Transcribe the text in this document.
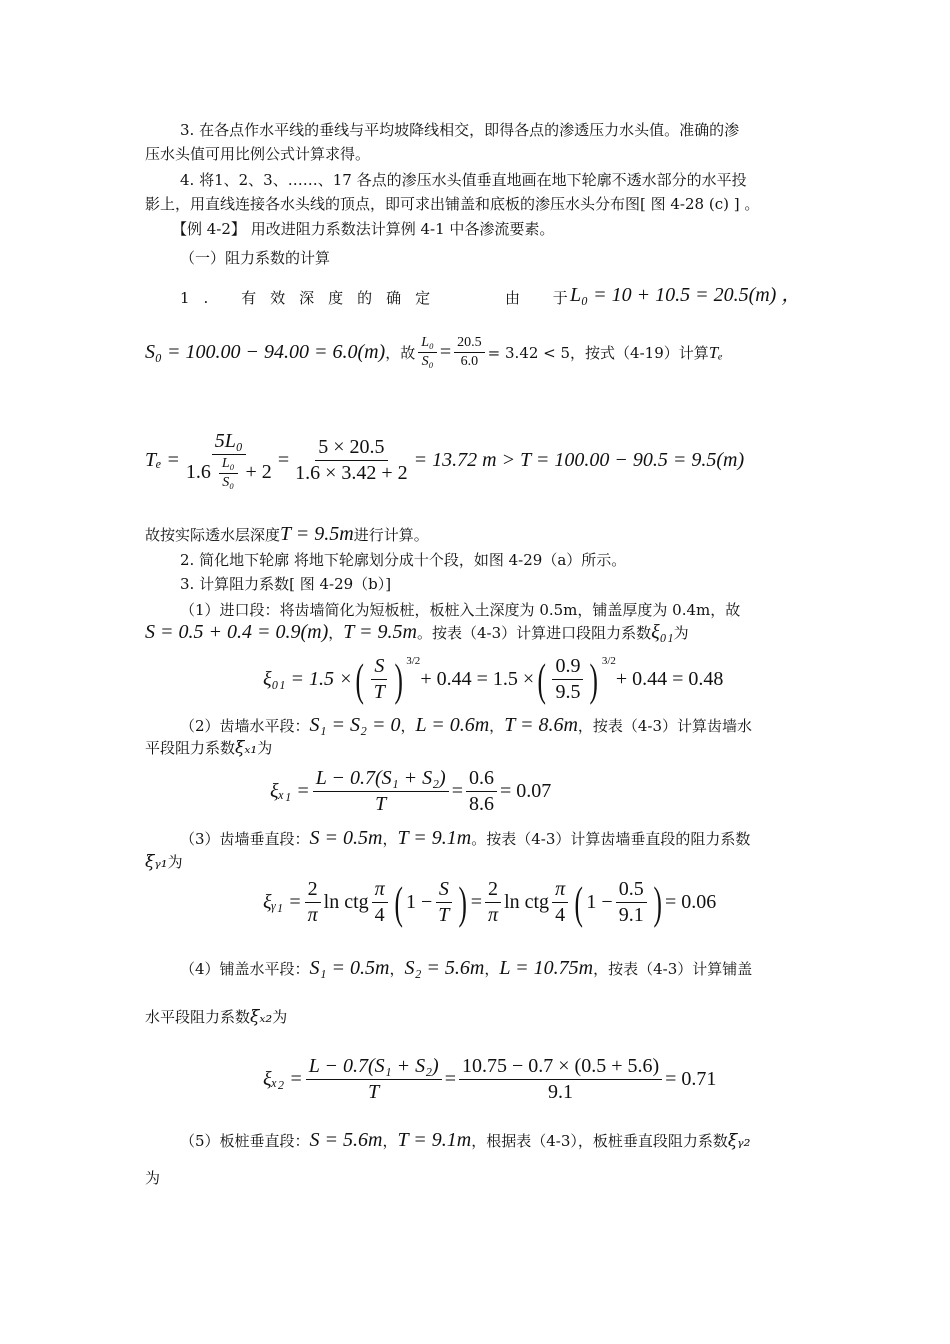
3. 在各点作水平线的垂线与平均坡降线相交，即得各点的渗透压力水头值。准确的渗
压水头值可用比例公式计算求得。
4. 将1、2、3、……、17 各点的渗压水头值垂直地画在地下轮廓不透水部分的水平投
影上，用直线连接各水头线的顶点，即可求出铺盖和底板的渗压水头分布图[ 图 4-28 (c) ] 。
【例 4-2】 用改进阻力系数法计算例 4-1 中各渗流要素。
（一）阻力系数的计算
1. 有效深度的确定	由 于
L₀ = 10 + 10.5 = 20.5(m) ，
S₀ = 100.00 − 94.00 = 6.0(m) ，故 $\frac{\text{L₀}}{\text{S₀}} = \frac{20.5}{6.0} = 3.42 < 5$，按式（4-19）计算 Tₑ
$T_e = \frac{\text{5L₀}}{1.6 \frac{\text{L₀}}{\text{S₀}} + 2} = \frac{5 \times 20.5}{1.6 \times 3.42 + 2} = 13.72$ m > T = 100.00 − 90.5 = 9.5(m)
故按实际透水层深度T = 9.5m进行计算。
2. 简化地下轮廓 将地下轮廓划分成十个段，如图 4-29（a）所示。
3. 计算阻力系数[ 图 4-29（b）]
（1）进口段：将齿墙简化为短板桩，板桩入土深度为 0.5m，铺盖厚度为 0.4m，故
S = 0.5 + 0.4 = 0.9(m)，T = 9.5m。按表（4-3）计算进口段阻力系数ξ₀₁为
ξ₀₁ = 1.5 × ( $\frac{S}{T}$ ) 3/2
+ 0.44 = 1.5 × ( $\frac{0.9}{9.5}$ ) 3/2
+ 0.44 = 0.48
（2）齿墙水平段：S₁ = S₂ = 0，L = 0.6m，T = 8.6m，按表（4-3）计算齿墙水
平段阻力系数ξₓ₁为
$\xi_{x1} = \frac{\text{L − 0.7(S₁ + S₂)}}{T} = \frac{0.6}{8.6} = 0.07$
（3）齿墙垂直段：S = 0.5m，T = 9.1m。按表（4-3）计算齿墙垂直段的阻力系数
ξᵧ₁为
ξᵧ₁ = $\frac{2}{\pi}$ ln ctg $\frac{\pi}{4}$ ( $1 - \frac{S}{T}$ ) = $\frac{2}{\pi}$ ln ctg $\frac{\pi}{4}$ ( $1 - \frac{0.5}{9.1}$ ) = 0.06
（4）铺盖水平段：S₁ = 0.5m，S₂ = 5.6m，L = 10.75m，按表（4-3）计算铺盖
水平段阻力系数ξₓ₂为
$\xi_{x2} = \frac{\text{L − 0.7(S₁ + S₂)}}{T} = \frac{10.75 - 0.7 \times (0.5 + 5.6)}{9.1} = 0.71$
（5）板桩垂直段：S = 5.6m，T = 9.1m，根据表（4-3），板桩垂直段阻力系数ξᵧ₂
为
